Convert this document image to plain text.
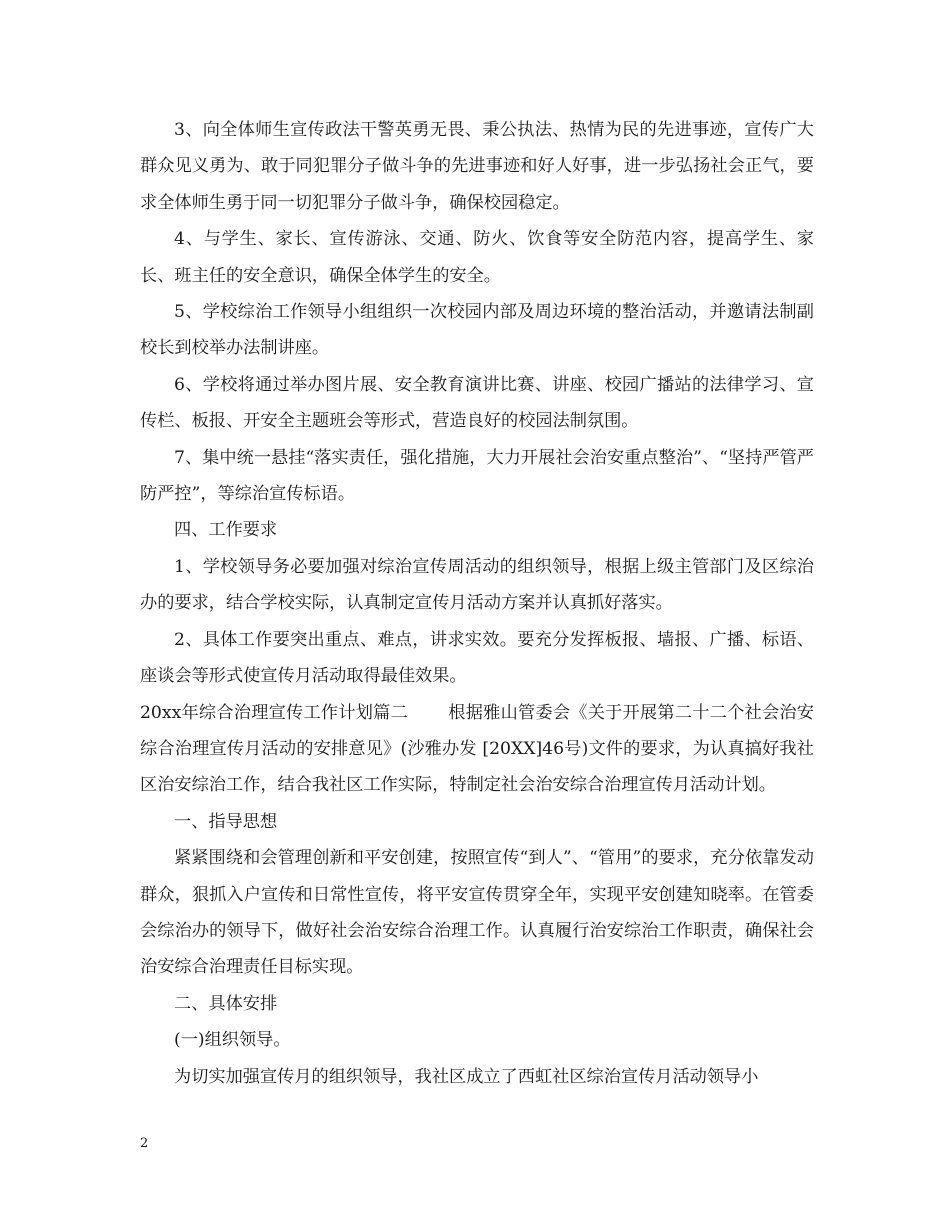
3、向全体师生宣传政法干警英勇无畏、秉公执法、热情为民的先进事迹，宣传广大群众见义勇为、敢于同犯罪分子做斗争的先进事迹和好人好事，进一步弘扬社会正气，要求全体师生勇于同一切犯罪分子做斗争，确保校园稳定。

4、与学生、家长、宣传游泳、交通、防火、饮食等安全防范内容，提高学生、家长、班主任的安全意识，确保全体学生的安全。

5、学校综治工作领导小组组织一次校园内部及周边环境的整治活动，并邀请法制副校长到校举办法制讲座。

6、学校将通过举办图片展、安全教育演讲比赛、讲座、校园广播站的法律学习、宣传栏、板报、开安全主题班会等形式，营造良好的校园法制氛围。

7、集中统一悬挂“落实责任，强化措施，大力开展社会治安重点整治”、“坚持严管严防严控”，等综治宣传标语。

四、工作要求

1、学校领导务必要加强对综治宣传周活动的组织领导，根据上级主管部门及区综治办的要求，结合学校实际，认真制定宣传月活动方案并认真抓好落实。

2、具体工作要突出重点、难点，讲求实效。要充分发挥板报、墙报、广播、标语、座谈会等形式使宣传月活动取得最佳效果。

20xx年综合治理宣传工作计划篇二 根据雅山管委会《关于开展第二十二个社会治安综合治理宣传月活动的安排意见》(沙雅办发 [20XX]46号)文件的要求，为认真搞好我社区治安综治工作，结合我社区工作实际，特制定社会治安综合治理宣传月活动计划。

一、指导思想

紧紧围绕和会管理创新和平安创建，按照宣传“到人”、“管用”的要求，充分依靠发动群众，狠抓入户宣传和日常性宣传，将平安宣传贯穿全年，实现平安创建知晓率。在管委会综治办的领导下，做好社会治安综合治理工作。认真履行治安综治工作职责，确保社会治安综合治理责任目标实现。

二、具体安排

(一)组织领导。

为切实加强宣传月的组织领导，我社区成立了西虹社区综治宣传月活动领导小

2
